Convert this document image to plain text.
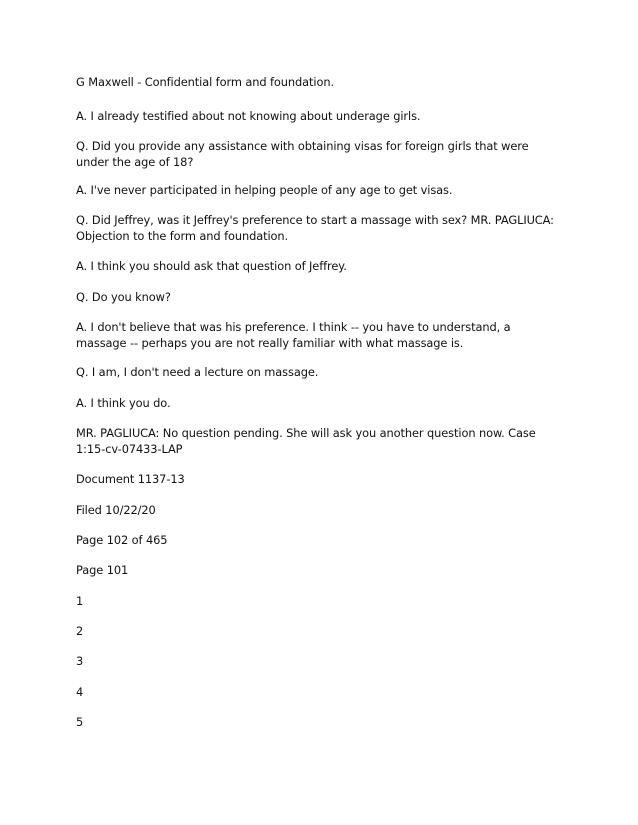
G Maxwell - Confidential form and foundation.

A. I already testified about not knowing about underage girls.

Q. Did you provide any assistance with obtaining visas for foreign girls that were under the age of 18?

A. I've never participated in helping people of any age to get visas.

Q. Did Jeffrey, was it Jeffrey's preference to start a massage with sex? MR. PAGLIUCA: Objection to the form and foundation.

A. I think you should ask that question of Jeffrey.

Q. Do you know?

A. I don't believe that was his preference. I think -- you have to understand, a massage -- perhaps you are not really familiar with what massage is.

Q. I am, I don't need a lecture on massage.

A. I think you do.

MR. PAGLIUCA: No question pending. She will ask you another question now. Case 1:15-cv-07433-LAP

Document 1137-13

Filed 10/22/20

Page 102 of 465

Page 101

1

2

3

4

5
